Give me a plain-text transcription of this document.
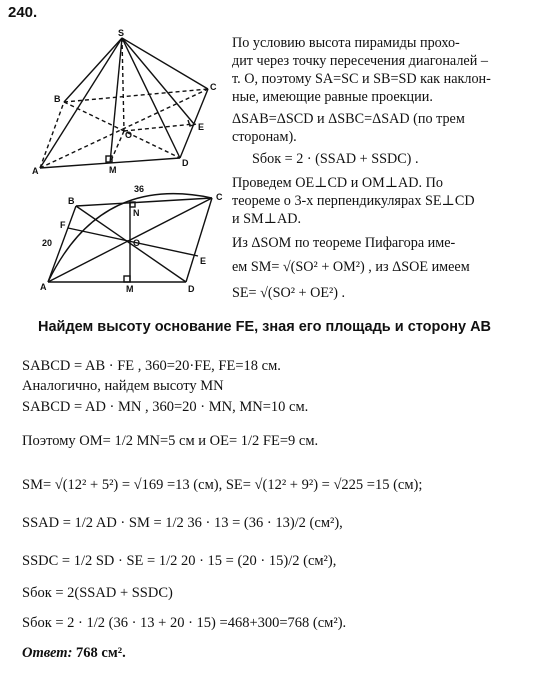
240.
S
B
C
D
A
O
E
M
36
20
A
B	C
D
M
N
O
E
F
По условию высота пирамиды прохо-
дит через точку пересечения диагоналей –
т. O, поэтому SA=SC и SB=SD как наклон-
ные, имеющие равные проекции.
ΔSAB=ΔSCD и ΔSBC=ΔSAD (по трем
сторонам).
Sбок = 2 · (SSAD + SSDC) .
Проведем OE⊥CD и OM⊥AD. По
теореме о 3-х перпендикулярах SE⊥CD
и SM⊥AD.
Из ΔSOM по теореме Пифагора име-
ем SM= √(SO² + OM²) , из ΔSOE имеем
SE= √(SO² + OE²) .
Найдем высоту основание FE, зная его площадь и сторону AB
SABCD = AB · FE , 360=20·FE, FE=18 см.
Аналогично, найдем высоту MN
SABCD = AD · MN , 360=20 · MN, MN=10 см.
Поэтому OM= 1/2 MN=5 см и OE= 1/2 FE=9 см.
SM= √(12² + 5²) = √169 =13 (см), SE= √(12² + 9²) = √225 =15 (см);
SSAD = 1/2 AD · SM = 1/2 36 · 13 = (36 · 13)/2 (см²),
SSDC = 1/2 SD · SE = 1/2 20 · 15 = (20 · 15)/2 (см²),
Sбок = 2(SSAD + SSDC)
Sбок = 2 · 1/2 (36 · 13 + 20 · 15) =468+300=768 (см²).
Ответ: 768 см².
